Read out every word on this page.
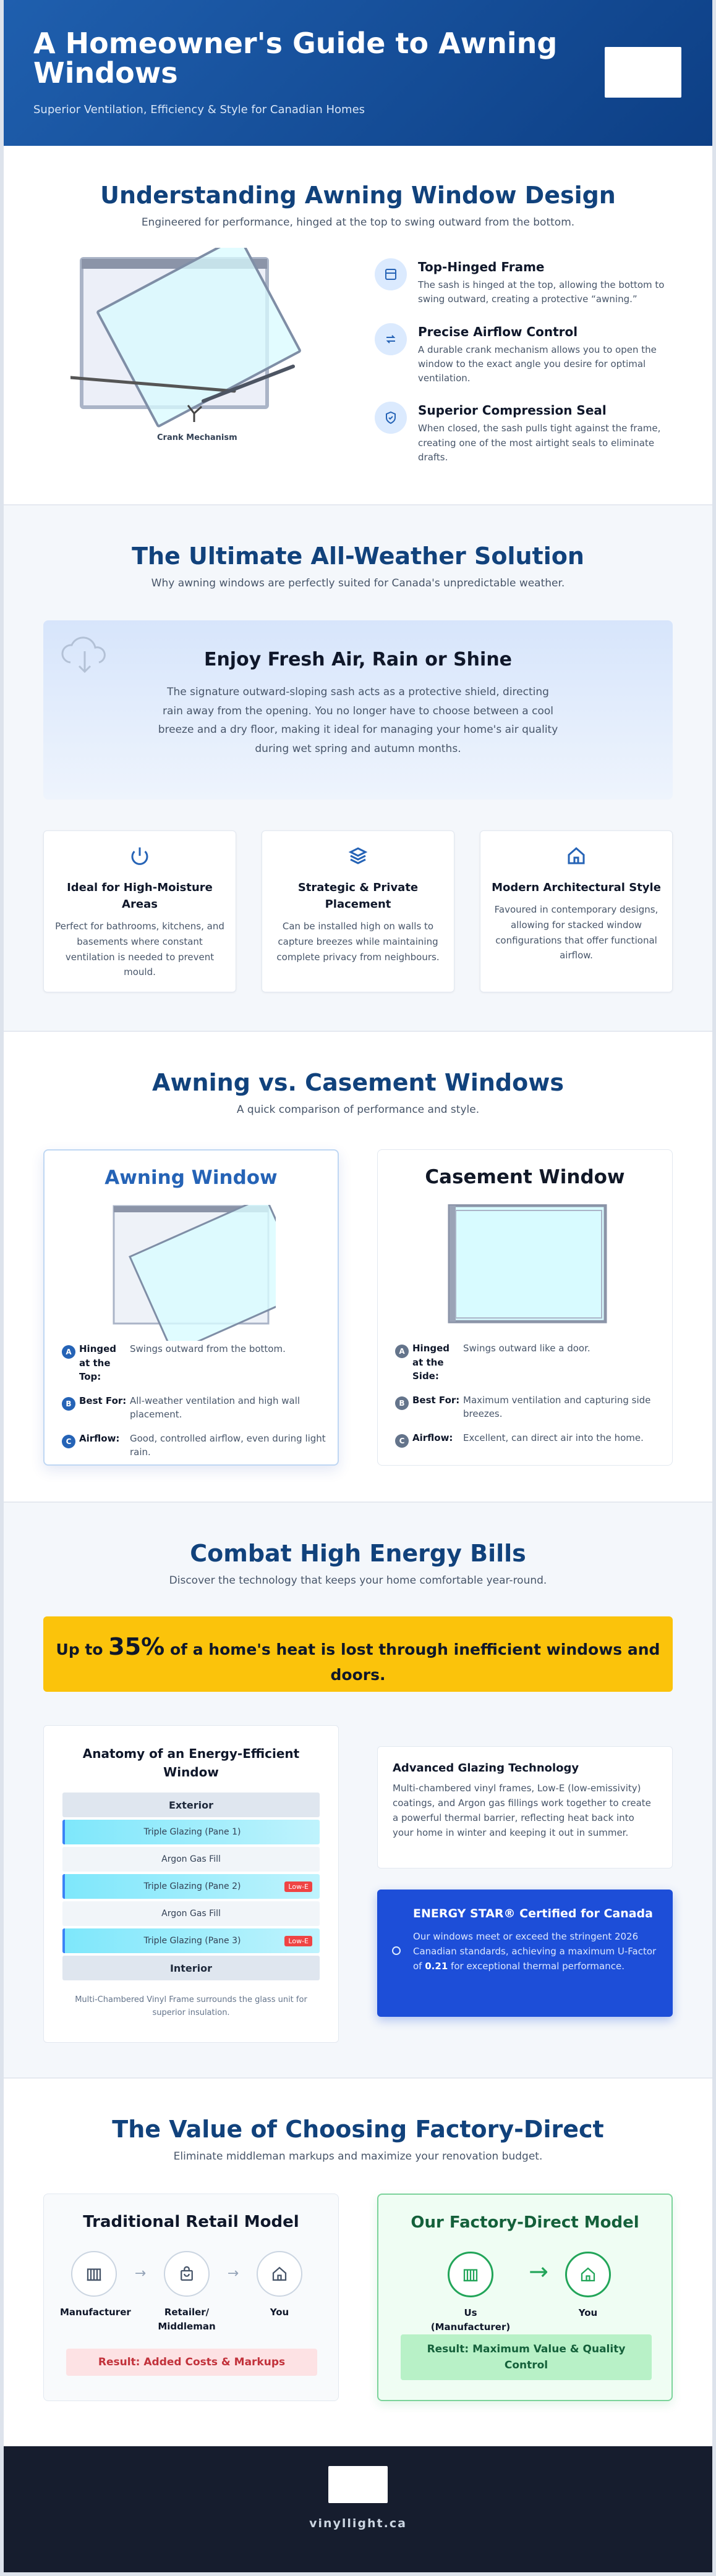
A Homeowner's Guide to Awning Windows
Superior Ventilation, Efficiency & Style for Canadian Homes
Understanding Awning Window Design

Engineered for performance, hinged at the top to swing outward from the bottom.

Crank Mechanism
Top-Hinged Frame

The sash is hinged at the top, allowing the bottom to swing outward, creating a protective “awning.”

Precise Airflow Control

A durable crank mechanism allows you to open the window to the exact angle you desire for optimal ventilation.

Superior Compression Seal

When closed, the sash pulls tight against the frame, creating one of the most airtight seals to eliminate drafts.

The Ultimate All-Weather Solution

Why awning windows are perfectly suited for Canada's unpredictable weather.

Enjoy Fresh Air, Rain or Shine

The signature outward-sloping sash acts as a protective shield, directing rain away from the opening. You no longer have to choose between a cool breeze and a dry floor, making it ideal for managing your home's air quality during wet spring and autumn months.

Ideal for High-Moisture Areas

Perfect for bathrooms, kitchens, and basements where constant ventilation is needed to prevent mould.

Strategic & Private Placement

Can be installed high on walls to capture breezes while maintaining complete privacy from neighbours.

Modern Architectural Style

Favoured in contemporary designs, allowing for stacked window configurations that offer functional airflow.

Awning vs. Casement Windows

A quick comparison of performance and style.

Awning Window
A Hinged at the Top:
Swings outward from the bottom.
B Best For: All-weather ventilation and high wall placement.
C Airflow:	Good, controlled airflow, even during light rain.
Casement Window
A Hinged at the Side:
Swings outward like a door.
B Best For: Maximum ventilation and capturing side breezes.
C Airflow:	Excellent, can direct air into the home.
Combat High Energy Bills

Discover the technology that keeps your home comfortable year-round.

Up to 35% of a home's heat is lost through inefficient windows and doors.
Anatomy of an Energy-Efficient Window
Exterior
Triple Glazing (Pane 1)
Argon Gas Fill
Triple Glazing (Pane 2)	Low-E
Argon Gas Fill
Triple Glazing (Pane 3)	Low-E
Interior

Multi-Chambered Vinyl Frame surrounds the glass unit for superior insulation.

Advanced Glazing Technology

Multi-chambered vinyl frames, Low-E (low-emissivity) coatings, and Argon gas fillings work together to create a powerful thermal barrier, reflecting heat back into your home in winter and keeping it out in summer.

ENERGY STAR® Certified for Canada

Our windows meet or exceed the stringent 2026 Canadian standards, achieving a maximum U-Factor of 0.21 for exceptional thermal performance.

The Value of Choosing Factory-Direct

Eliminate middleman markups and maximize your renovation budget.

Traditional Retail Model
Manufacturer
→
Retailer/ Middleman
→
You
Result: Added Costs & Markups
Our Factory-Direct Model
Us (Manufacturer)
→
You
Result: Maximum Value & Quality Control
vinyllight.ca
